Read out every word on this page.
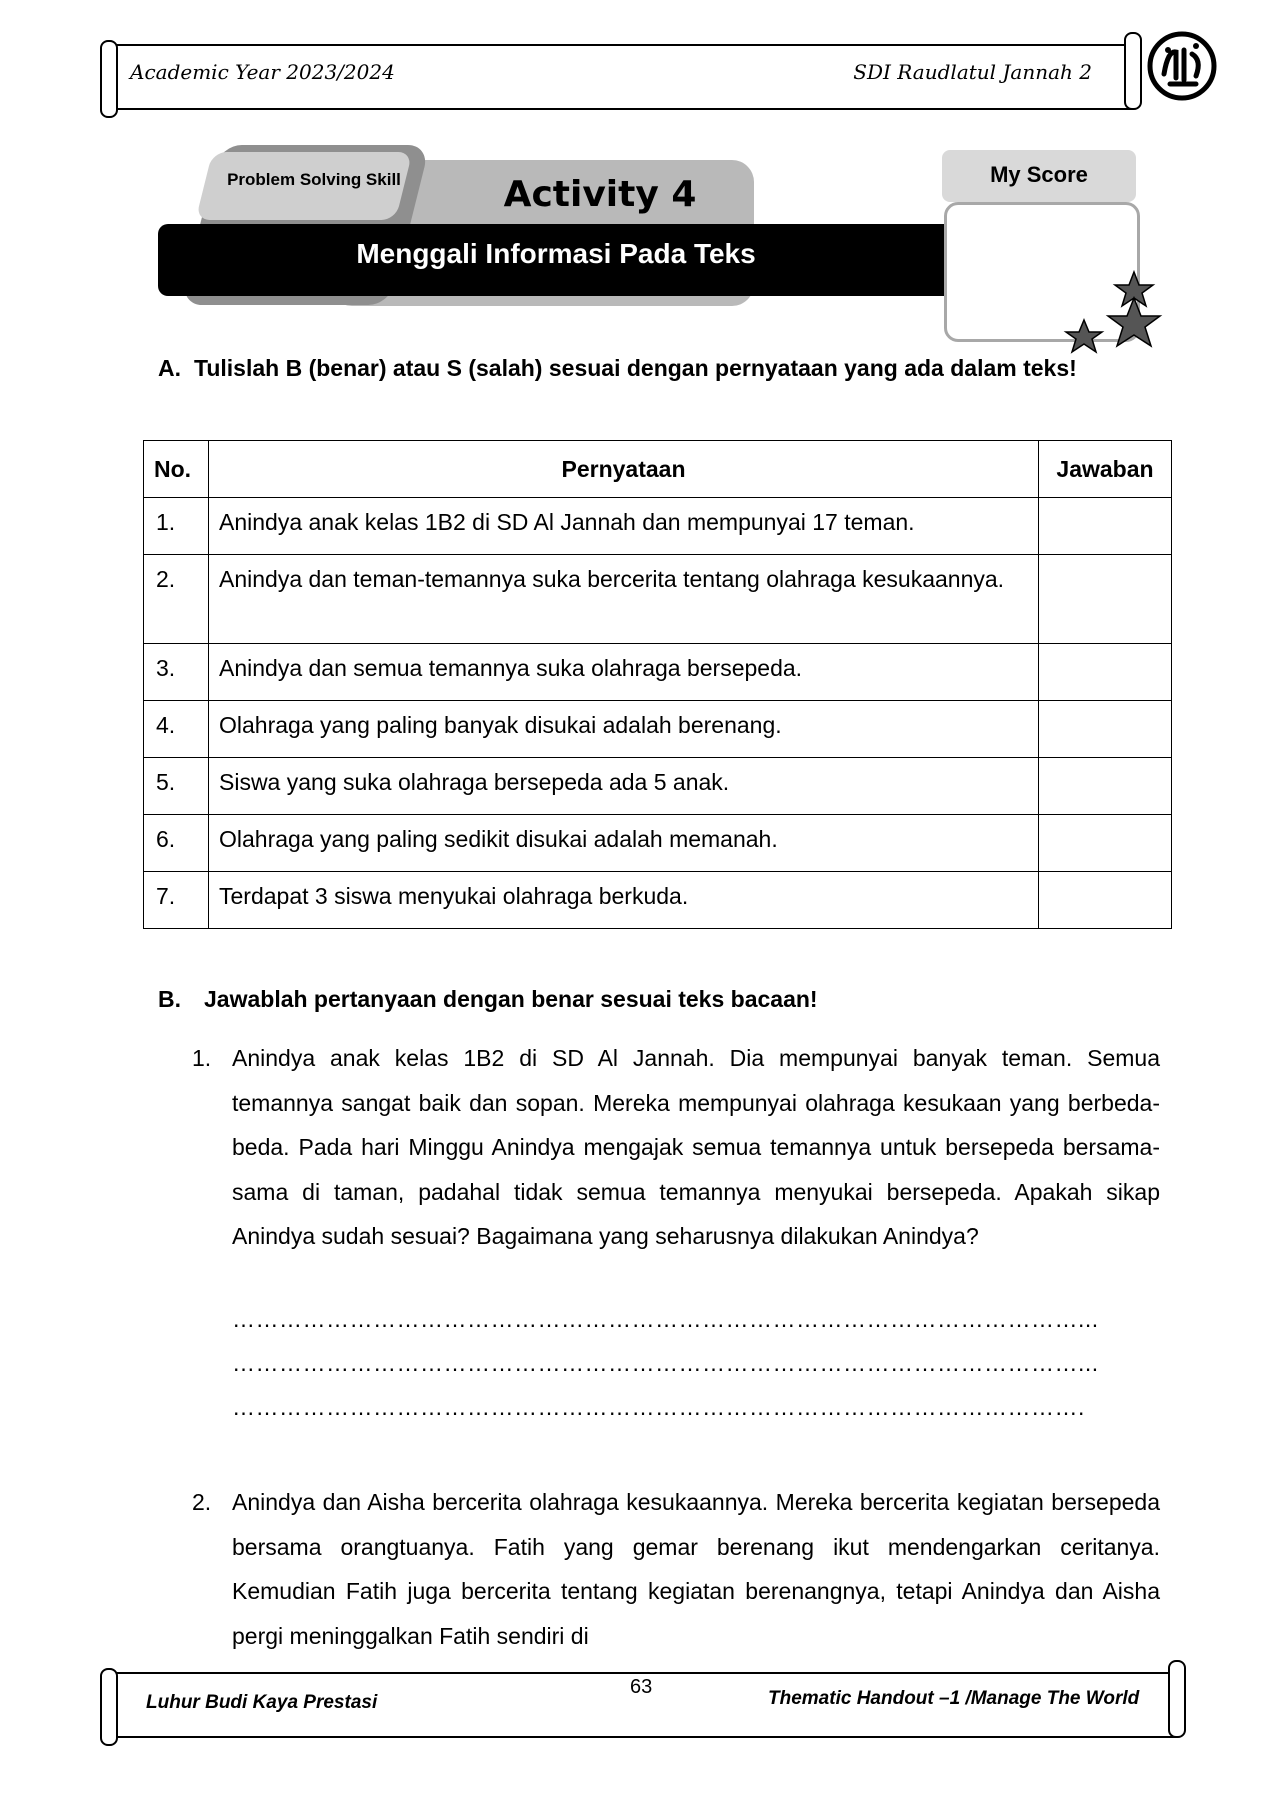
Academic Year 2023/2024	SDI Raudlatul Jannah 2
Problem Solving Skill	Activity 4
Menggali Informasi Pada Teks
My Score
A. Tulislah B (benar) atau S (salah) sesuai dengan pernyataan yang ada dalam teks!
No.	Pernyataan	Jawaban
1.	Anindya anak kelas 1B2 di SD Al Jannah dan mempunyai 17 teman.	
2.	Anindya dan teman-temannya suka bercerita tentang olahraga kesukaannya.	
3.	Anindya dan semua temannya suka olahraga bersepeda.	
4.	Olahraga yang paling banyak disukai adalah berenang.	
5.	Siswa yang suka olahraga bersepeda ada 5 anak.	
6.	Olahraga yang paling sedikit disukai adalah memanah.	
7.	Terdapat 3 siswa menyukai olahraga berkuda.	
B. Jawablah pertanyaan dengan benar sesuai teks bacaan!
1. Anindya anak kelas 1B2 di SD Al Jannah. Dia mempunyai banyak teman. Semua temannya sangat baik dan sopan. Mereka mempunyai olahraga kesukaan yang berbeda-beda. Pada hari Minggu Anindya mengajak semua temannya untuk bersepeda bersama-sama di taman, padahal tidak semua temannya menyukai bersepeda. Apakah sikap Anindya sudah sesuai? Bagaimana yang seharusnya dilakukan Anindya?
………………………………………………………………………………………………...
………………………………………………………………………………………………...
……………………………………………………………………………………………….
2. Anindya dan Aisha bercerita olahraga kesukaannya. Mereka bercerita kegiatan bersepeda bersama orangtuanya. Fatih yang gemar berenang ikut mendengarkan ceritanya. Kemudian Fatih juga bercerita tentang kegiatan berenangnya, tetapi Anindya dan Aisha pergi meninggalkan Fatih sendiri di
Luhur Budi Kaya Prestasi
63
Thematic Handout –1 /Manage The World
